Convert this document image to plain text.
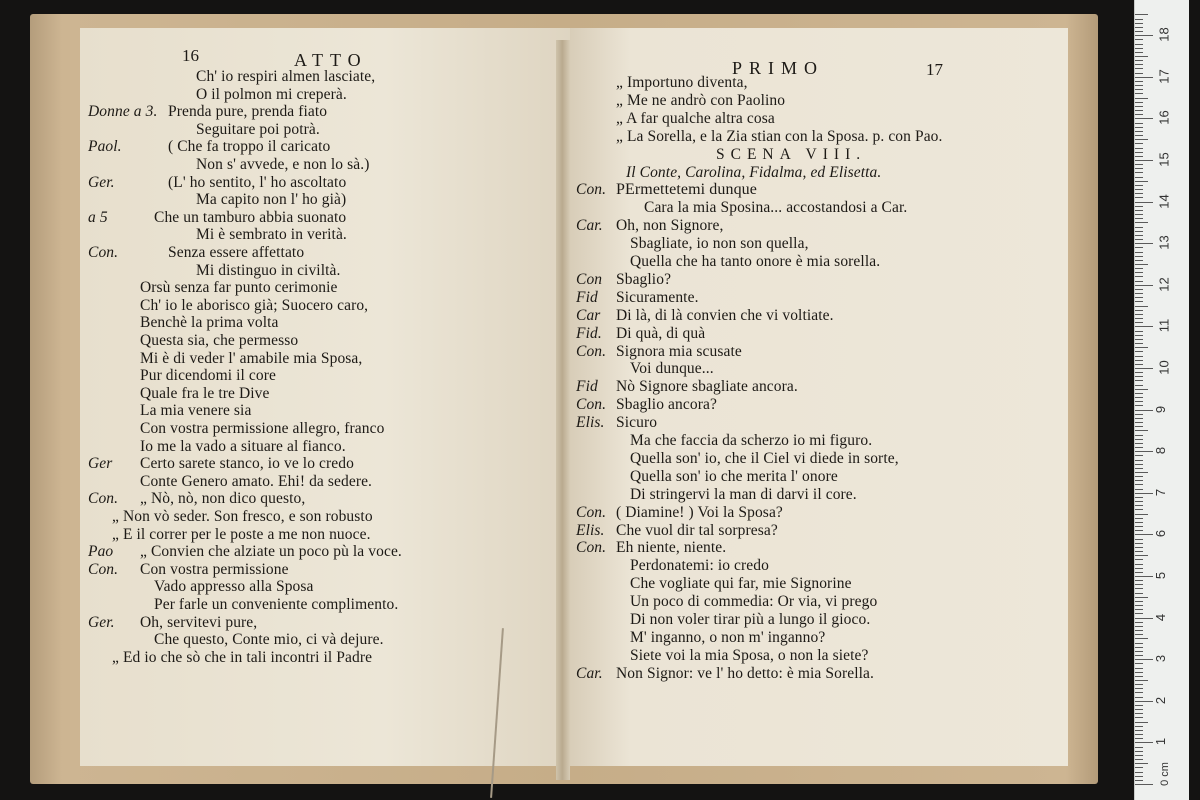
16	ATTO
Ch' io respiri almen lasciate,
O il polmon mi creperà.
Donne a 3. Prenda pure, prenda fiato
Seguitare poi potrà.
Paol.	( Che fa troppo il caricato
Non s' avvede, e non lo sà.)
Ger.	(L' ho sentito, l' ho ascoltato
Ma capito non l' ho già)
a 5	Che un tamburo abbia suonato
Mi è sembrato in verità.
Con.	Senza essere affettato
Mi distinguo in civiltà.
Orsù senza far punto cerimonie
Ch' io le aborisco già; Suocero caro,
Benchè la prima volta
Questa sia, che permesso
Mi è di veder l' amabile mia Sposa,
Pur dicendomi il core
Quale fra le tre Dive
La mia venere sia
Con vostra permissione allegro, franco
Io me la vado a situare al fianco.
Ger Certo sarete stanco, io ve lo credo
Conte Genero amato. Ehi! da sedere.
Con. „ Nò, nò, non dico questo,
„ Non vò seder. Son fresco, e son robusto
„ E il correr per le poste a me non nuoce.
Pao „ Convien che alziate un poco pù la voce.
Con. Con vostra permissione
Vado appresso alla Sposa
Per farle un conveniente complimento.
Ger. Oh, servitevi pure,
Che questo, Conte mio, ci và dejure.
„ Ed io che sò che in tali incontri il Padre
PRIMO	17
„ Importuno diventa,
„ Me ne andrò con Paolino
„ A far qualche altra cosa
„ La Sorella, e la Zia stian con la Sposa. p. con Pao.
SCENA VIII.
Il Conte, Carolina, Fidalma, ed Elisetta.
Con. PErmettetemi dunque
Cara la mia Sposina... accostandosi a Car.
Car. Oh, non Signore,
Sbagliate, io non son quella,
Quella che ha tanto onore è mia sorella.
Con Sbaglio?
Fid Sicuramente.
Car Di là, di là convien che vi voltiate.
Fid. Di quà, di quà
Con. Signora mia scusate
Voi dunque...
Fid Nò Signore sbagliate ancora.
Con. Sbaglio ancora?
Elis. Sicuro
Ma che faccia da scherzo io mi figuro.
Quella son' io, che il Ciel vi diede in sorte,
Quella son' io che merita l' onore
Di stringervi la man di darvi il core.
Con. ( Diamine! ) Voi la Sposa?
Elis. Che vuol dir tal sorpresa?
Con. Eh niente, niente.
Perdonatemi: io credo
Che vogliate qui far, mie Signorine
Un poco di commedia: Or via, vi prego
Di non voler tirar più a lungo il gioco.
M' inganno, o non m' inganno?
Siete voi la mia Sposa, o non la siete?
Car. Non Signor: ve l' ho detto: è mia Sorella.
1
2
3
4
5
6
7
8
9
10
11
12
13
14
15
16
17
18
0 cm
